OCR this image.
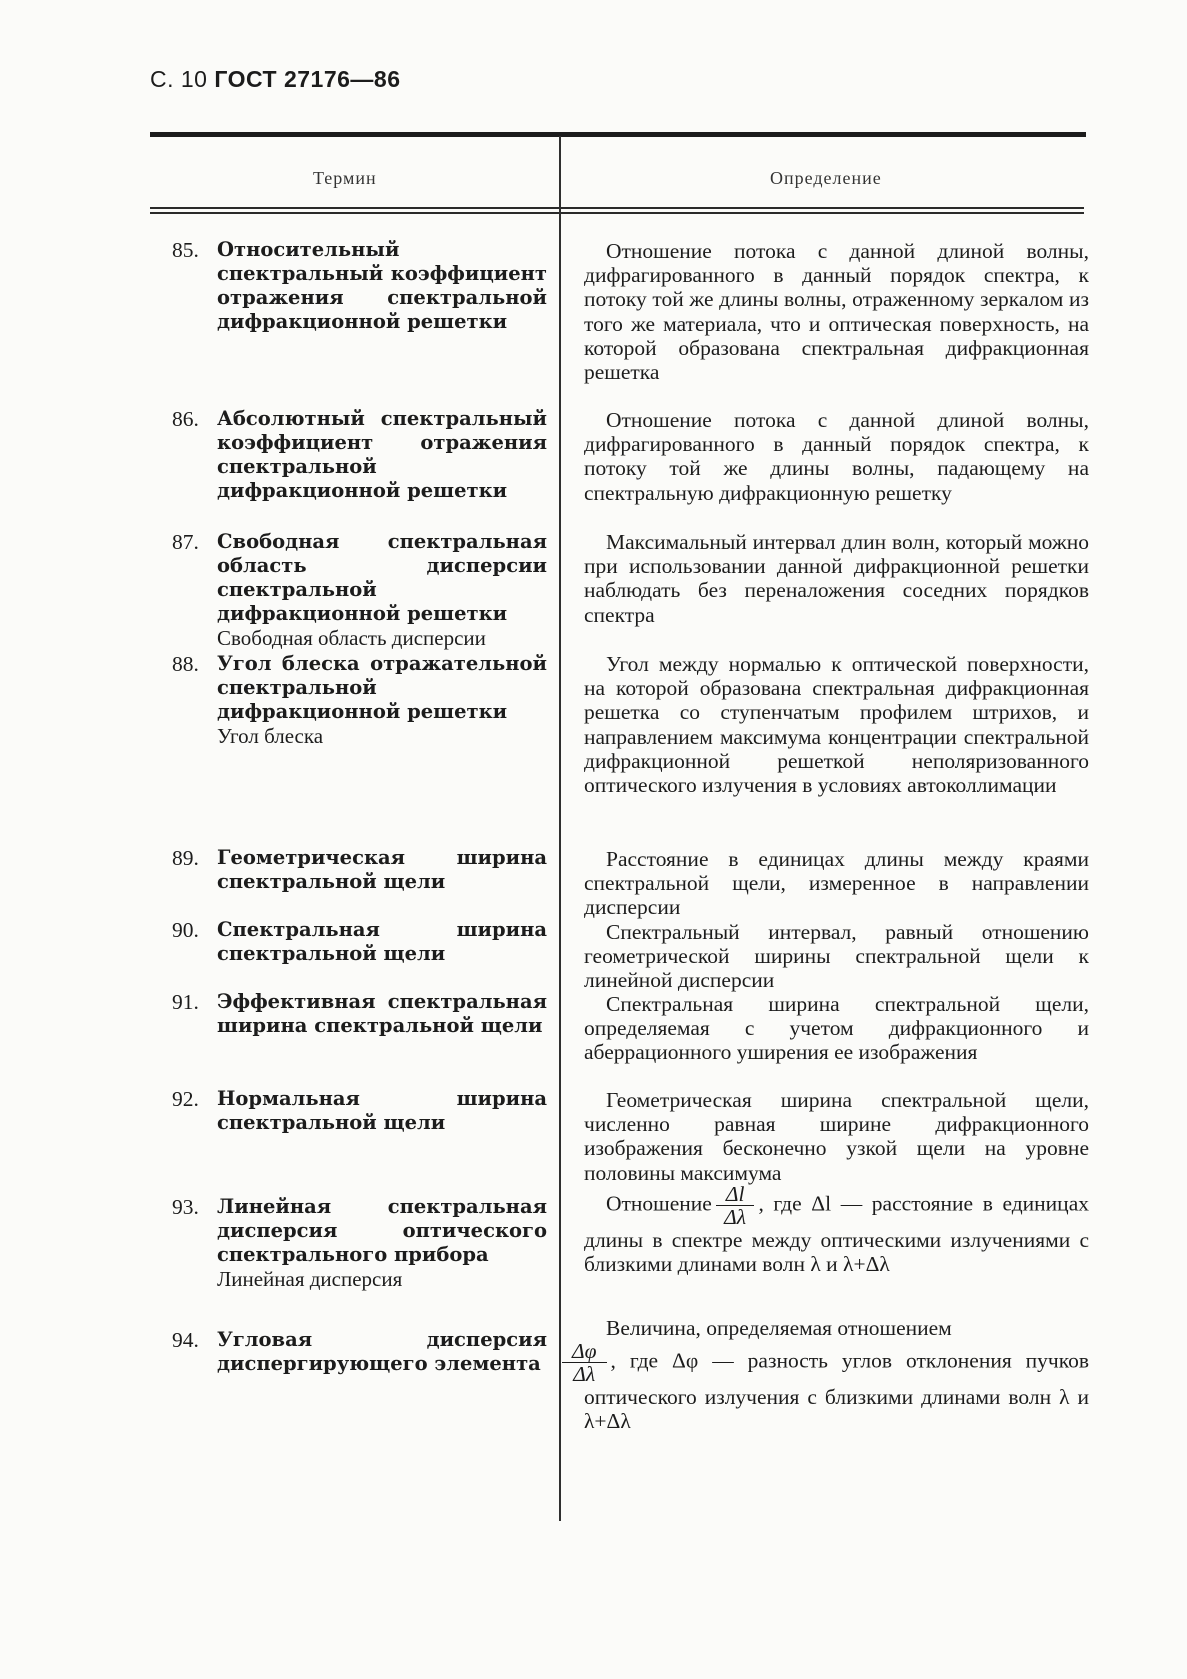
С. 10 ГОСТ 27176—86
Термин	Определение
85. Относительный спектральный коэффициент отражения спектральной дифракционной решетки
Отношение потока с данной длиной волны, дифрагированного в данный порядок спектра, к потоку той же длины волны, отраженному зеркалом из того же материала, что и оптическая поверхность, на которой образована спектральная дифракционная решетка
86. Абсолютный спектральный коэффициент отражения спектральной дифракционной решетки
Отношение потока с данной длиной волны, дифрагированного в данный порядок спектра, к потоку той же длины волны, падающему на спектральную дифракционную решетку
87. Свободная спектральная область дисперсии спектральной дифракционной решетки
Свободная область дисперсии
Максимальный интервал длин волн, который можно при использовании данной дифракционной решетки наблюдать без переналожения соседних порядков спектра
88. Угол блеска отражательной спектральной дифракционной решетки
Угол блеска
Угол между нормалью к оптической поверхности, на которой образована спектральная дифракционная решетка со ступенчатым профилем штрихов, и направлением максимума концентрации спектральной дифракционной решеткой неполяризованного оптического излучения в условиях автоколлимации
89. Геометрическая ширина спектральной щели
Расстояние в единицах длины между краями спектральной щели, измеренное в направлении дисперсии
90. Спектральная ширина спектральной щели
Спектральный интервал, равный отношению геометрической ширины спектральной щели к линейной дисперсии
91. Эффективная спектральная ширина спектральной щели
Спектральная ширина спектральной щели, определяемая с учетом дифракционного и аберрационного уширения ее изображения
92. Нормальная ширина спектральной щели
Геометрическая ширина спектральной щели, численно равная ширине дифракционного изображения бесконечно узкой щели на уровне половины максимума
93. Линейная спектральная дисперсия оптического спектрального прибора
Линейная дисперсия
Отношение $\frac{\Delta l}{\Delta\lambda}$ , где Δl — расстояние в единицах длины в спектре между оптическими излучениями с близкими длинами волн λ и λ+Δλ
94. Угловая дисперсия диспергирующего элемента
Величина, определяемая отношением

$\frac{\Delta\varphi}{\Delta\lambda}$ , где Δφ — разность углов отклонения пучков оптического излучения с близкими длинами волн λ и λ+Δλ
